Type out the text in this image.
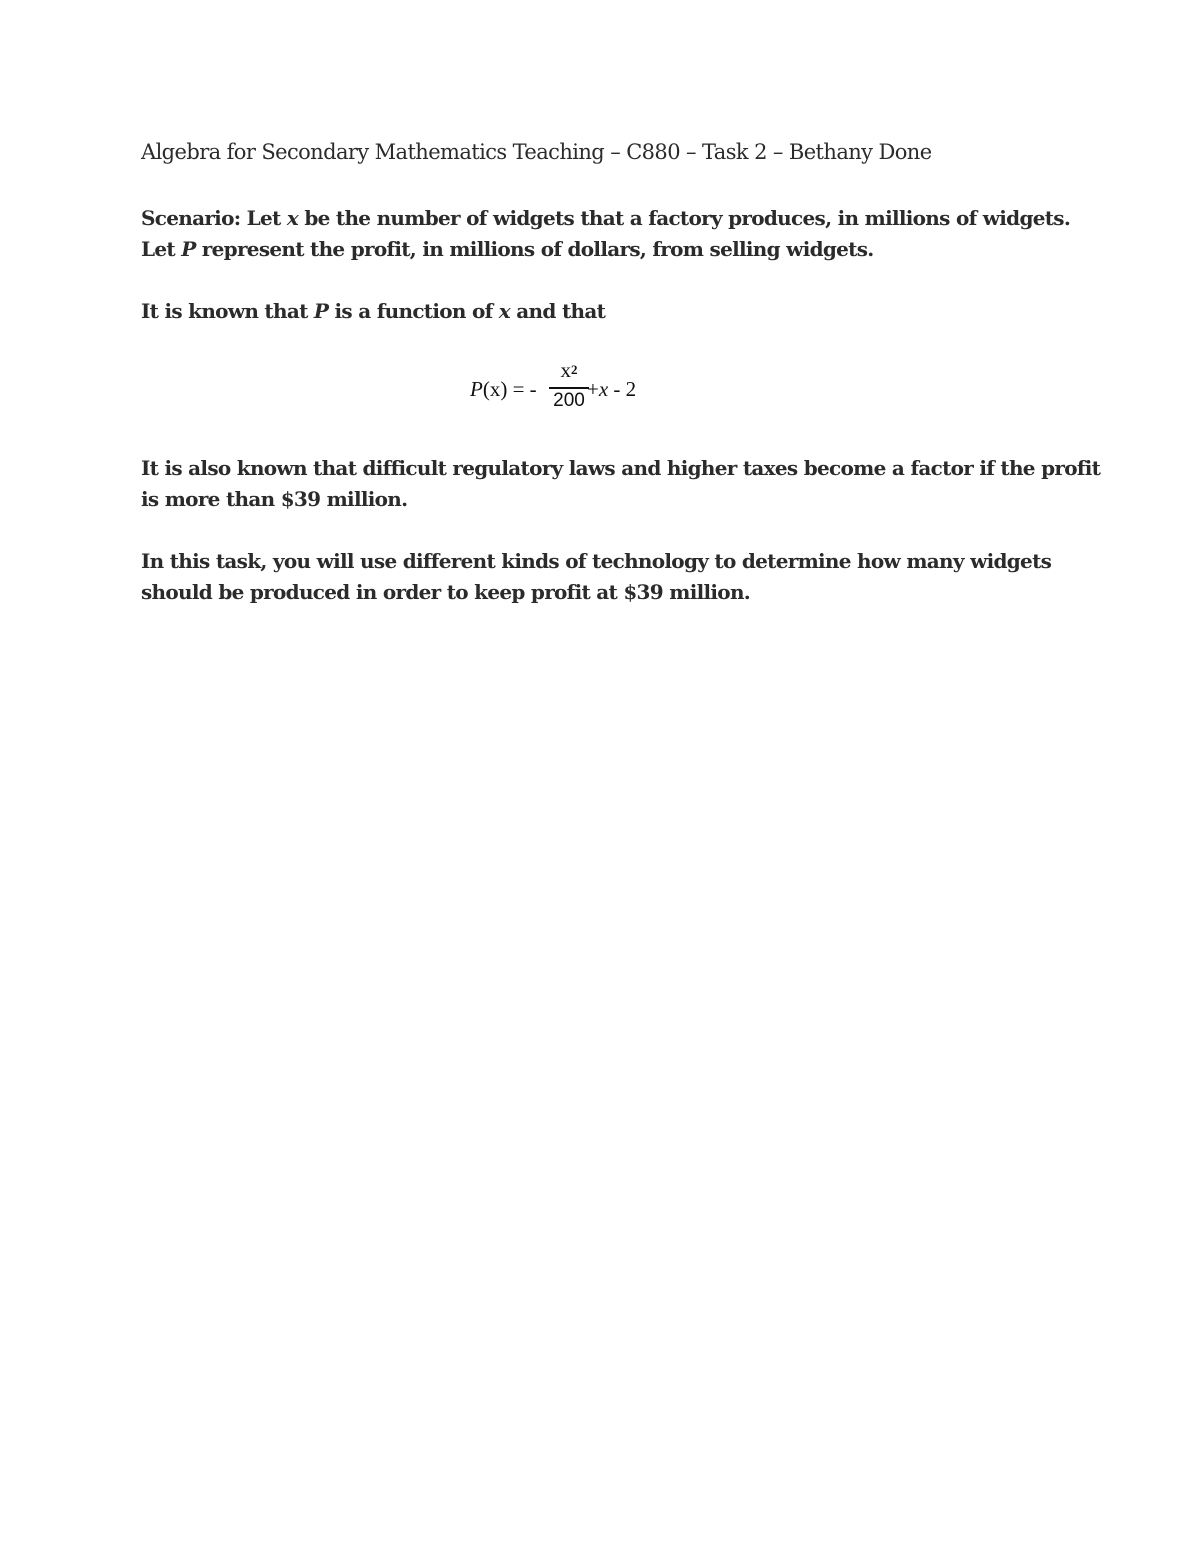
Algebra for Secondary Mathematics Teaching – C880 – Task 2 – Bethany Done
Scenario: Let x be the number of widgets that a factory produces, in millions of widgets.
Let P represent the profit, in millions of dollars, from selling widgets.
It is known that P is a function of x and that
P(x) = -
$x^2$
200 +x - 2
It is also known that difficult regulatory laws and higher taxes become a factor if the profit
is more than $39 million.
In this task, you will use different kinds of technology to determine how many widgets
should be produced in order to keep profit at $39 million.
